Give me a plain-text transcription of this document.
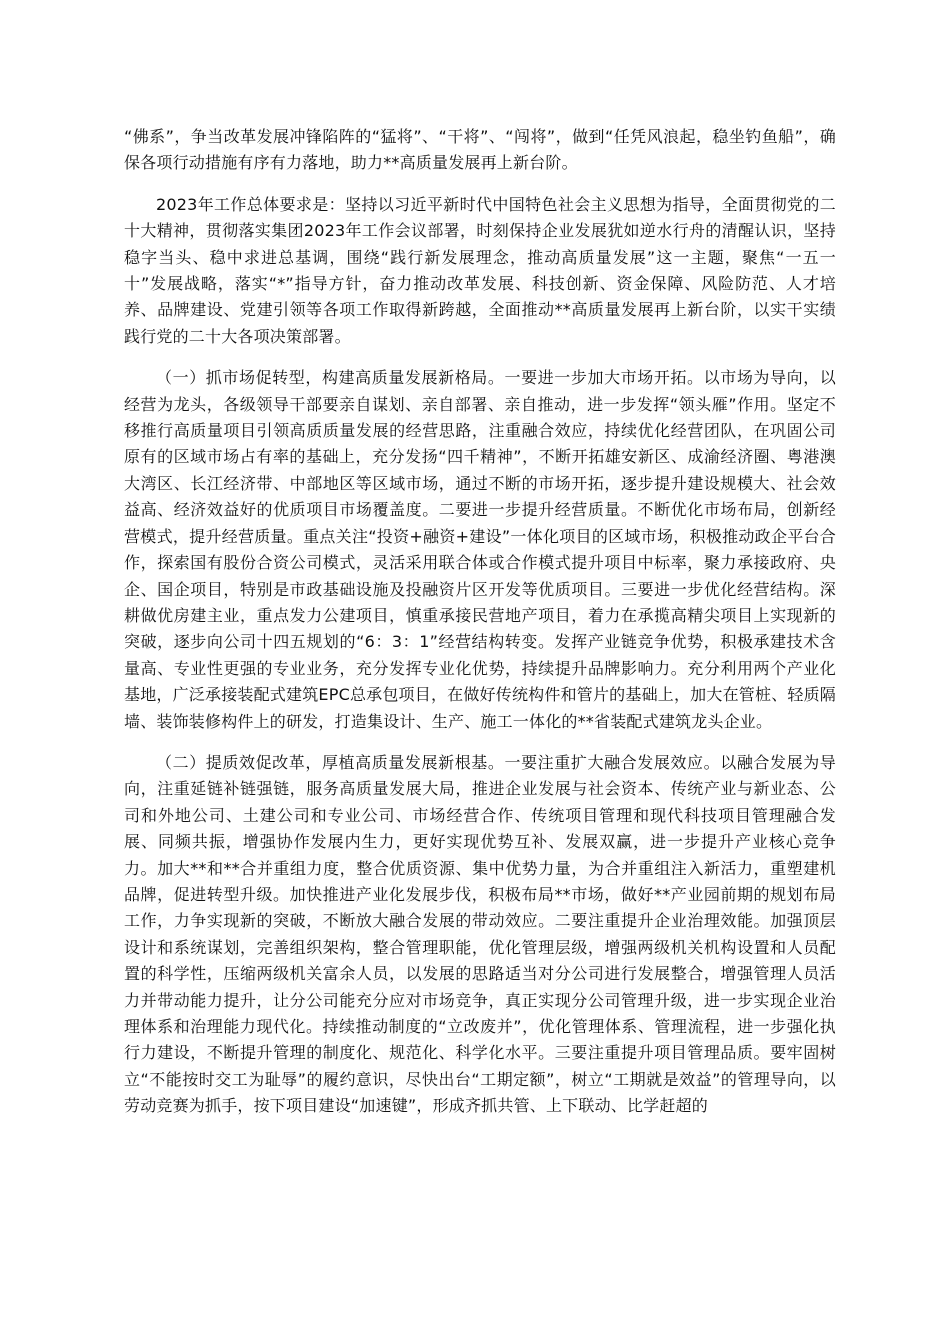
“佛系”，争当改革发展冲锋陷阵的“猛将”、“干将”、“闯将”，做到“任凭风浪起，稳坐钓鱼船”，确保各项行动措施有序有力落地，助力**高质量发展再上新台阶。

2023年工作总体要求是：坚持以习近平新时代中国特色社会主义思想为指导，全面贯彻党的二十大精神，贯彻落实集团2023年工作会议部署，时刻保持企业发展犹如逆水行舟的清醒认识，坚持稳字当头、稳中求进总基调，围绕“践行新发展理念，推动高质量发展”这一主题，聚焦“一五一十”发展战略，落实“*”指导方针，奋力推动改革发展、科技创新、资金保障、风险防范、人才培养、品牌建设、党建引领等各项工作取得新跨越，全面推动**高质量发展再上新台阶，以实干实绩践行党的二十大各项决策部署。

（一）抓市场促转型，构建高质量发展新格局。一要进一步加大市场开拓。以市场为导向，以经营为龙头，各级领导干部要亲自谋划、亲自部署、亲自推动，进一步发挥“领头雁”作用。坚定不移推行高质量项目引领高质质量发展的经营思路，注重融合效应，持续优化经营团队，在巩固公司原有的区域市场占有率的基础上，充分发扬“四千精神”，不断开拓雄安新区、成渝经济圈、粤港澳大湾区、长江经济带、中部地区等区域市场，通过不断的市场开拓，逐步提升建设规模大、社会效益高、经济效益好的优质项目市场覆盖度。二要进一步提升经营质量。不断优化市场布局，创新经营模式，提升经营质量。重点关注“投资+融资+建设”一体化项目的区域市场，积极推动政企平台合作，探索国有股份合资公司模式，灵活采用联合体或合作模式提升项目中标率，聚力承接政府、央企、国企项目，特别是市政基础设施及投融资片区开发等优质项目。三要进一步优化经营结构。深耕做优房建主业，重点发力公建项目，慎重承接民营地产项目，着力在承揽高精尖项目上实现新的突破，逐步向公司十四五规划的“6：3：1”经营结构转变。发挥产业链竞争优势，积极承建技术含量高、专业性更强的专业业务，充分发挥专业化优势，持续提升品牌影响力。充分利用两个产业化基地，广泛承接装配式建筑EPC总承包项目，在做好传统构件和管片的基础上，加大在管桩、轻质隔墙、装饰装修构件上的研发，打造集设计、生产、施工一体化的**省装配式建筑龙头企业。

（二）提质效促改革，厚植高质量发展新根基。一要注重扩大融合发展效应。以融合发展为导向，注重延链补链强链，服务高质量发展大局，推进企业发展与社会资本、传统产业与新业态、公司和外地公司、土建公司和专业公司、市场经营合作、传统项目管理和现代科技项目管理融合发展、同频共振，增强协作发展内生力，更好实现优势互补、发展双赢，进一步提升产业核心竞争力。加大**和**合并重组力度，整合优质资源、集中优势力量，为合并重组注入新活力，重塑建机品牌，促进转型升级。加快推进产业化发展步伐，积极布局**市场，做好**产业园前期的规划布局工作，力争实现新的突破，不断放大融合发展的带动效应。二要注重提升企业治理效能。加强顶层设计和系统谋划，完善组织架构，整合管理职能，优化管理层级，增强两级机关机构设置和人员配置的科学性，压缩两级机关富余人员，以发展的思路适当对分公司进行发展整合，增强管理人员活力并带动能力提升，让分公司能充分应对市场竞争，真正实现分公司管理升级，进一步实现企业治理体系和治理能力现代化。持续推动制度的“立改废并”，优化管理体系、管理流程，进一步强化执行力建设，不断提升管理的制度化、规范化、科学化水平。三要注重提升项目管理品质。要牢固树立“不能按时交工为耻辱”的履约意识，尽快出台“工期定额”，树立“工期就是效益”的管理导向，以劳动竞赛为抓手，按下项目建设“加速键”，形成齐抓共管、上下联动、比学赶超的
